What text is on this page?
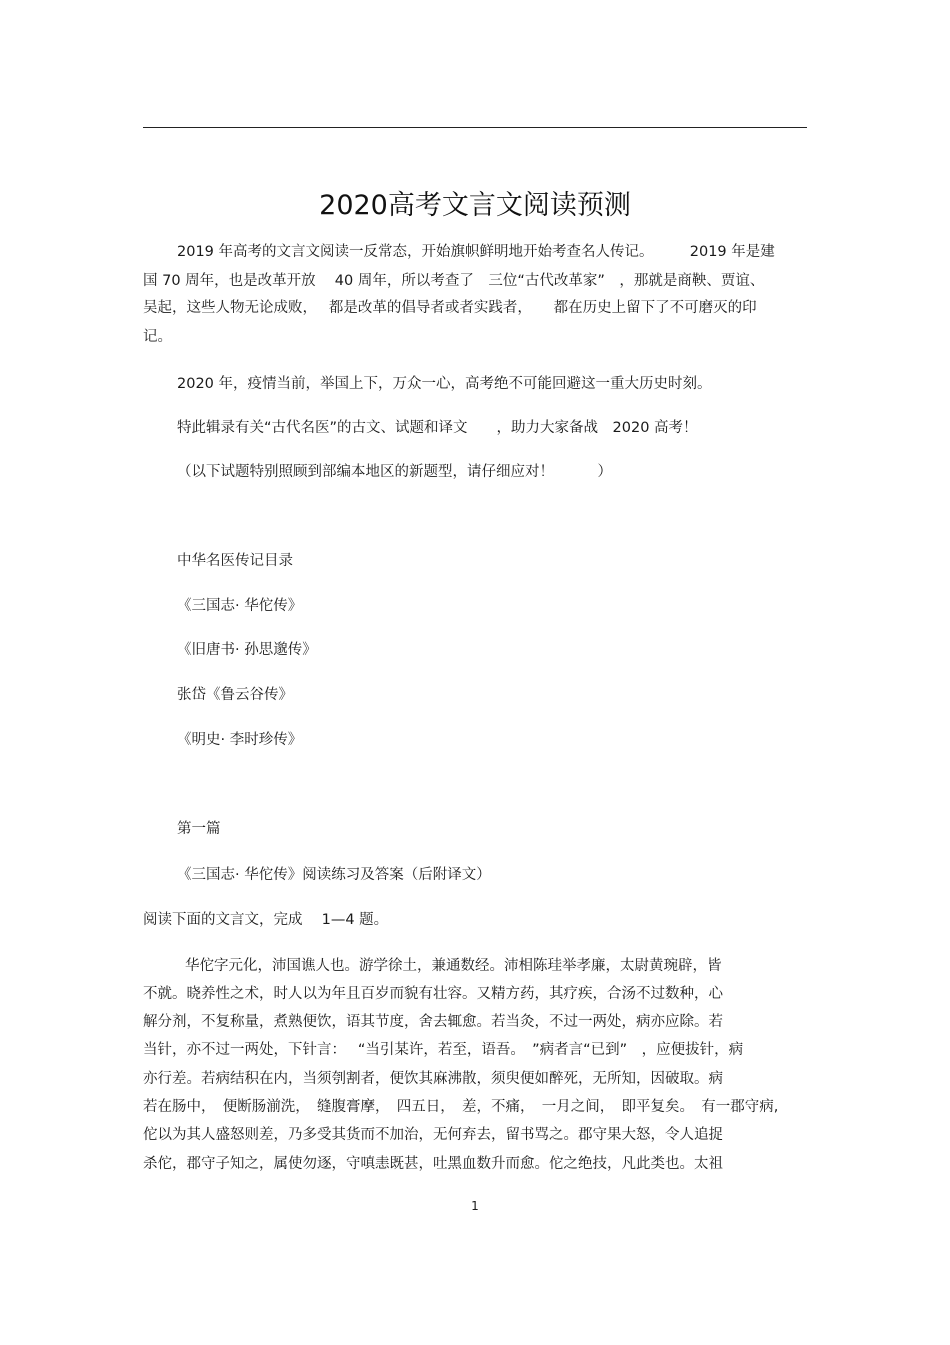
2020高考文言文阅读预测
2019 年高考的文言文阅读一反常态，开始旗帜鲜明地开始考查名人传记。　　　2019 年是建
国 70 周年，也是改革开放　 40 周年，所以考查了　三位“古代改革家”　，那就是商鞅、贾谊、
吴起，这些人物无论成败，　 都是改革的倡导者或者实践者，　　都在历史上留下了不可磨灭的印
记。
2020 年，疫情当前，举国上下，万众一心，高考绝不可能回避这一重大历史时刻。
特此辑录有关“古代名医”的古文、试题和译文　　，助力大家备战　2020 高考！
（以下试题特别照顾到部编本地区的新题型，请仔细应对！　　　）
中华名医传记目录
《三国志· 华佗传》
《旧唐书· 孙思邈传》
张岱《鲁云谷传》
《明史· 李时珍传》
第一篇
《三国志· 华佗传》阅读练习及答案（后附译文）
阅读下面的文言文，完成　 1—4 题。
华佗字元化，沛国谯人也。游学徐土，兼通数经。沛相陈珪举孝廉，太尉黄琬辟，皆
不就。晓养性之术，时人以为年且百岁而貌有壮容。又精方药，其疗疾，合汤不过数种，心
解分剂，不复称量，煮熟便饮，语其节度，舍去辄愈。若当灸，不过一两处，病亦应除。若
当针，亦不过一两处，下针言：　 “当引某许，若至，语吾。　”病者言“已到”　，应便拔针，病
亦行差。若病结积在内，当须刳割者，便饮其麻沸散，须臾便如醉死，无所知，因破取。病
若在肠中，　便断肠湔洗，　缝腹膏摩，　四五日，　差，不痛，　一月之间，　即平复矣。　有一郡守病,
佗以为其人盛怒则差，乃多受其货而不加治，无何弃去，留书骂之。郡守果大怒，令人追捉
杀佗，郡守子知之，属使勿逐，守嗔恚既甚，吐黑血数升而愈。佗之绝技，凡此类也。太祖
1
